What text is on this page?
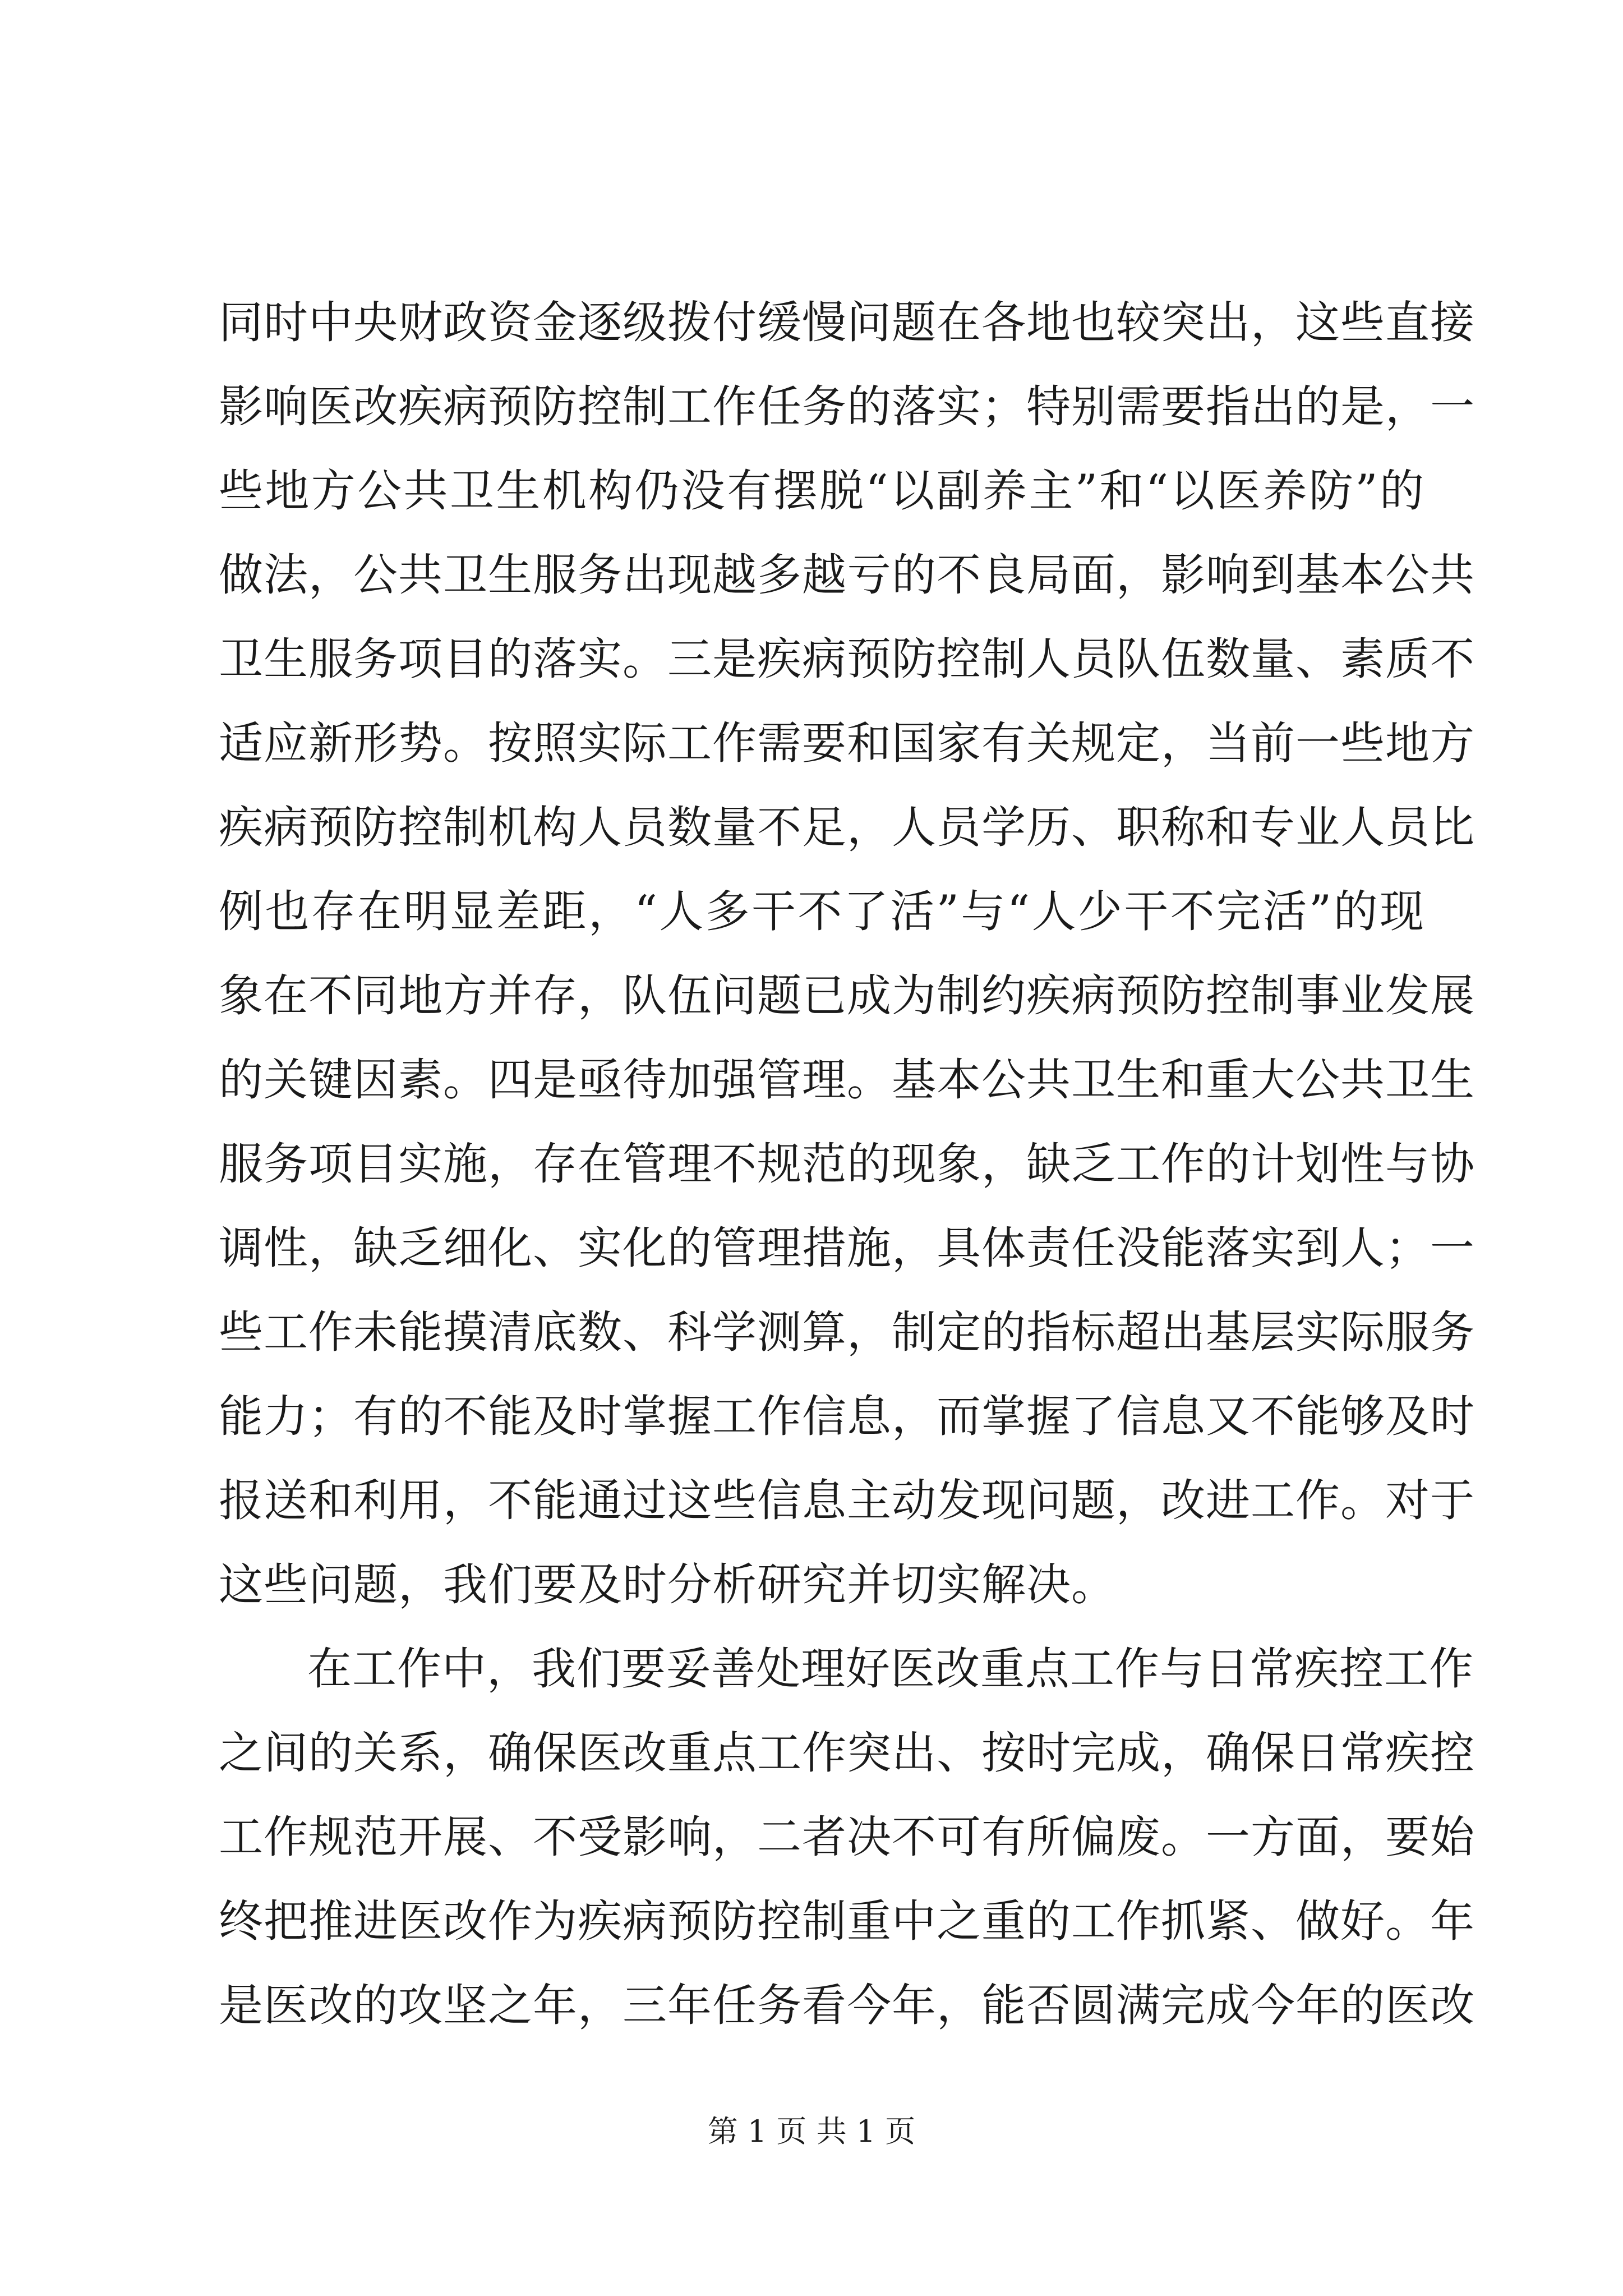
同时中央财政资金逐级拨付缓慢问题在各地也较突出，这些直接
影响医改疾病预防控制工作任务的落实；特别需要指出的是，一
些地方公共卫生机构仍没有摆脱“以副养主”和“以医养防”的
做法，公共卫生服务出现越多越亏的不良局面，影响到基本公共
卫生服务项目的落实。三是疾病预防控制人员队伍数量、素质不
适应新形势。按照实际工作需要和国家有关规定，当前一些地方
疾病预防控制机构人员数量不足，人员学历、职称和专业人员比
例也存在明显差距，“人多干不了活”与“人少干不完活”的现
象在不同地方并存，队伍问题已成为制约疾病预防控制事业发展
的关键因素。四是亟待加强管理。基本公共卫生和重大公共卫生
服务项目实施，存在管理不规范的现象，缺乏工作的计划性与协
调性，缺乏细化、实化的管理措施，具体责任没能落实到人；一
些工作未能摸清底数、科学测算，制定的指标超出基层实际服务
能力；有的不能及时掌握工作信息，而掌握了信息又不能够及时
报送和利用，不能通过这些信息主动发现问题，改进工作。对于
这些问题，我们要及时分析研究并切实解决。
在工作中，我们要妥善处理好医改重点工作与日常疾控工作
之间的关系，确保医改重点工作突出、按时完成，确保日常疾控
工作规范开展、不受影响，二者决不可有所偏废。一方面，要始
终把推进医改作为疾病预防控制重中之重的工作抓紧、做好。年
是医改的攻坚之年，三年任务看今年，能否圆满完成今年的医改
第 1 页 共 1 页
